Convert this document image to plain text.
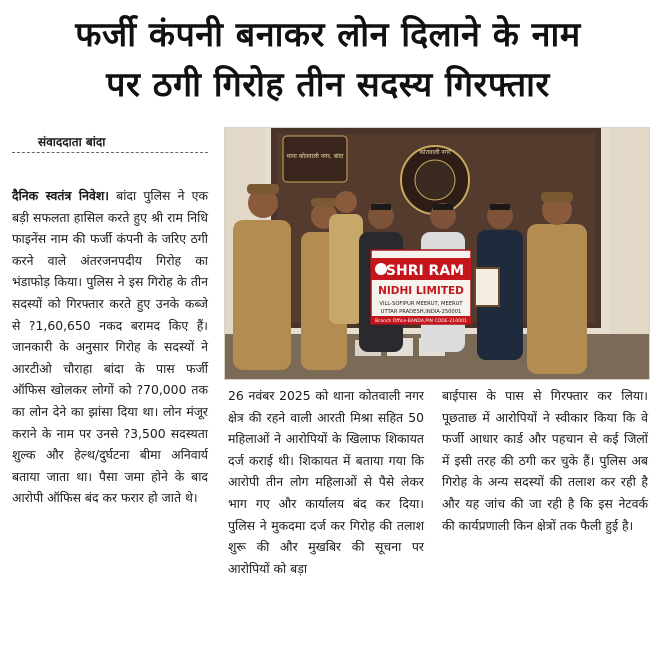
फर्जी कंपनी बनाकर लोन दिलाने के नाम
पर ठगी गिरोह तीन सदस्य गिरफ्तार
संवाददाता बांदा
दैनिक स्वतंत्र निवेश। बांदा पुलिस ने एक बड़ी सफलता हासिल करते हुए श्री राम निधि फाइनेंस नाम की फर्जी कंपनी के जरिए ठगी करने वाले अंतरजनपदीय गिरोह का भंडाफोड़ किया। पुलिस ने इस गिरोह के तीन सदस्यों को गिरफ्तार करते हुए उनके कब्जे से ?1,60,650 नकद बरामद किए हैं। जानकारी के अनुसार गिरोह के सदस्यों ने आरटीओ चौराहा बांदा के पास फर्जी ऑफिस खोलकर लोगों को ?70,000 तक का लोन देने का झांसा दिया था। लोन मंजूर कराने के नाम पर उनसे ?3,500 सदस्यता शुल्क और हेल्थ/दुर्घटना बीमा अनिवार्य बताया जाता था। पैसा जमा होने के बाद आरोपी ऑफिस बंद कर फरार हो जाते थे।
थाना कोतवाली नगर, बांदा
कोतवाली नगर
SHRI RAM
NIDHI LIMITED
VILL-SOFIPUR MEERUT, MEERUT
UTTAR PRADESH,INDIA-250001
Branch Office-BANDA,PIN CODE-210001
26 नवंबर 2025 को थाना कोतवाली नगर क्षेत्र की रहने वाली आरती मिश्रा सहित 50 महिलाओं ने आरोपियों के खिलाफ शिकायत दर्ज कराई थी। शिकायत में बताया गया कि आरोपी तीन लोग महिलाओं से पैसे लेकर भाग गए और कार्यालय बंद कर दिया। पुलिस ने मुकदमा दर्ज कर गिरोह की तलाश शुरू की और मुखबिर की सूचना पर आरोपियों को बड़ा
बाईपास के पास से गिरफ्तार कर लिया। पूछताछ में आरोपियों ने स्वीकार किया कि वे फर्जी आधार कार्ड और पहचान से कई जिलों में इसी तरह की ठगी कर चुके हैं। पुलिस अब गिरोह के अन्य सदस्यों की तलाश कर रही है और यह जांच की जा रही है कि इस नेटवर्क की कार्यप्रणाली किन क्षेत्रों तक फैली हुई है।
